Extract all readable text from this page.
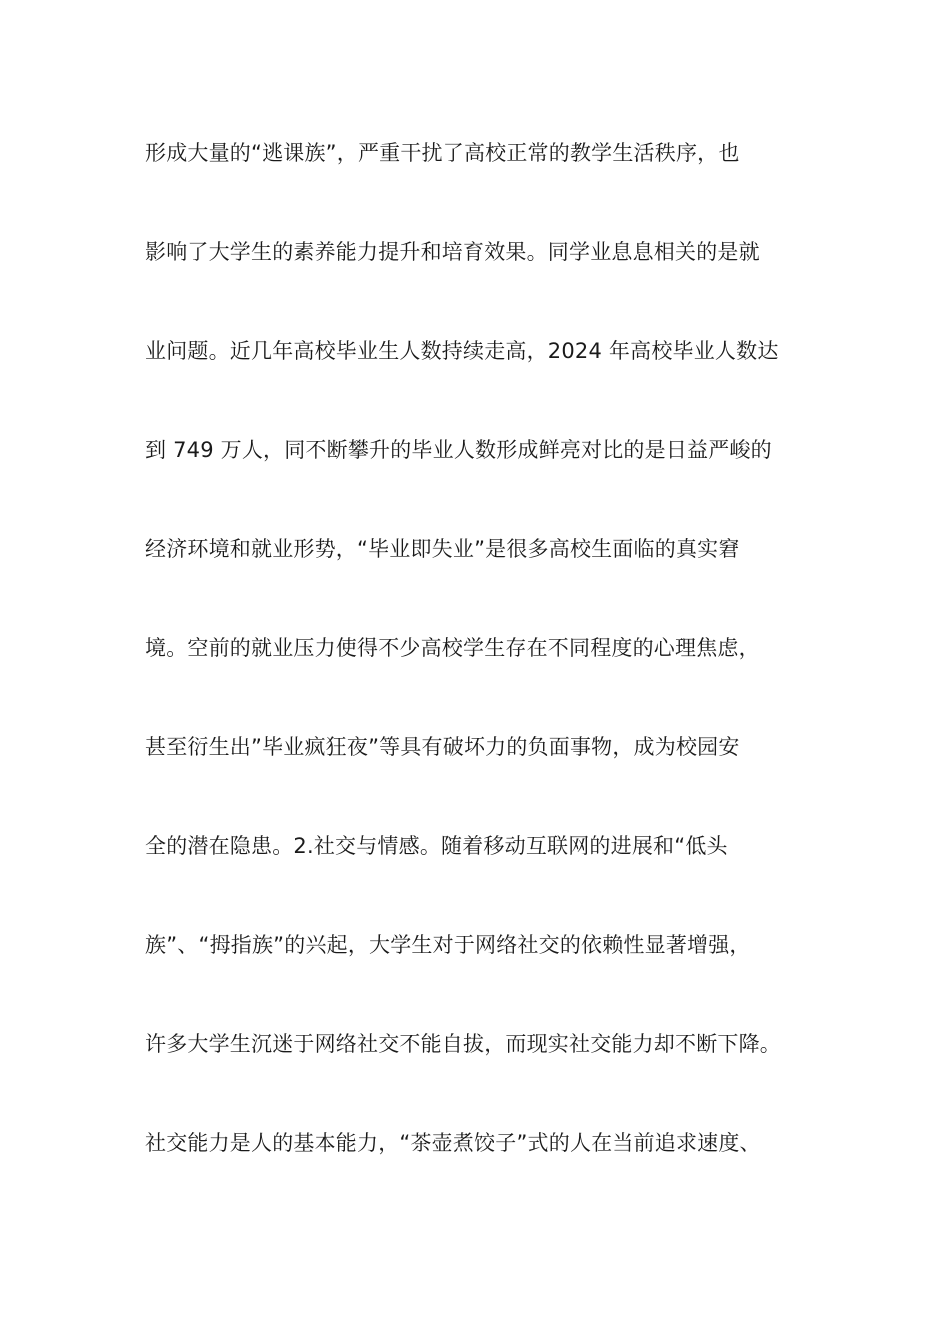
形成大量的“逃课族”，严重干扰了高校正常的教学生活秩序，也
影响了大学生的素养能力提升和培育效果。同学业息息相关的是就
业问题。近几年高校毕业生人数持续走高，2024 年高校毕业人数达
到 749 万人，同不断攀升的毕业人数形成鲜亮对比的是日益严峻的
经济环境和就业形势，“毕业即失业”是很多高校生面临的真实窘
境。空前的就业压力使得不少高校学生存在不同程度的心理焦虑，
甚至衍生出”毕业疯狂夜”等具有破坏力的负面事物，成为校园安
全的潜在隐患。2.社交与情感。随着移动互联网的进展和“低头
族”、“拇指族”的兴起，大学生对于网络社交的依赖性显著增强，
许多大学生沉迷于网络社交不能自拔，而现实社交能力却不断下降。
社交能力是人的基本能力，“茶壶煮饺子”式的人在当前追求速度、
